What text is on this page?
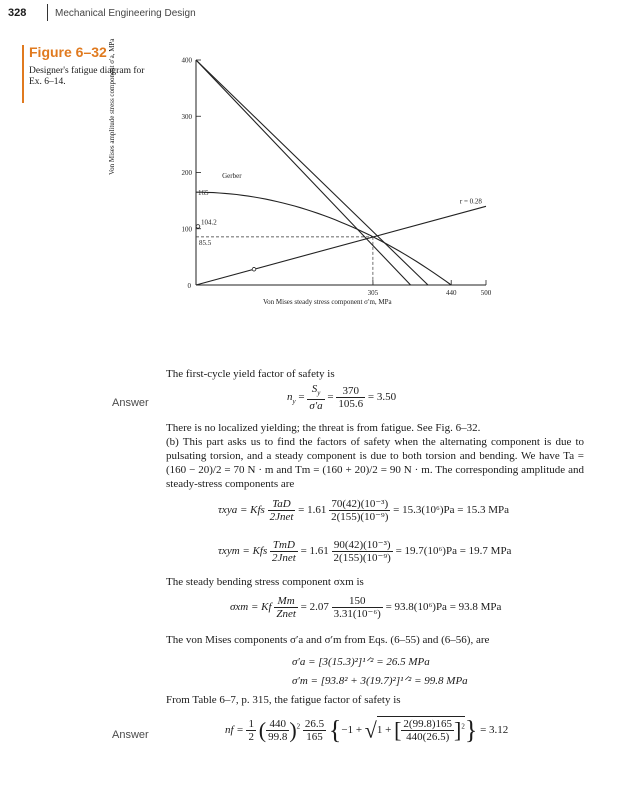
328	Mechanical Engineering Design
Figure 6–32
Designer's fatigue diagram for Ex. 6–14.
100
200
300
400
305	440	500
0
165
104.2
85.5
Gerber
r = 0.28
The first-cycle yield factor of safety is
Answer	$n_y = \frac{S_y}{\sigma'a} = \frac{370}{105.6} = 3.50$
There is no localized yielding; the threat is from fatigue. See Fig. 6–32.
(b) This part asks us to find the factors of safety when the alternating component is due to pulsating torsion, and a steady component is due to both torsion and bending. We have Ta = (160 − 20)/2 = 70 N · m and Tm = (160 + 20)/2 = 90 N · m. The corresponding amplitude and steady-stress components are
τxya = Kfs $\frac{\text{TaD}}{\text{2Jnet}} = 1.61 \frac{\text{70(42)(10⁻³)}}{\text{2(155)(10⁻⁹)}} = 15.3(10^6)Pa = 15.3$ MPa
τxym = Kfs $\frac{\text{TmD}}{\text{2Jnet}} = 1.61 \frac{\text{90(42)(10⁻³)}}{\text{2(155)(10⁻⁹)}} = 19.7(10^6)Pa = 19.7$ MPa
The steady bending stress component σxm is
σxm = Kf $\frac{Mm}{\text{Znet}} = 2.07 \frac{150}{\text{3.31(10⁻⁶)}} = 93.8(10^6)Pa = 93.8$ MPa
The von Mises components σ′a and σ′m from Eqs. (6–55) and (6–56), are
σ′a = [3(15.3)²]¹ᐟ² = 26.5 MPa
σ′m = [93.8² + 3(19.7)²]¹ᐟ² = 99.8 MPa
From Table 6–7, p. 315, the fatigue factor of safety is
Answer	nf = $\frac{1}{2}$ ( $\frac{440}{99.8} )^2 \frac{26.5}{165} \{-1 + √1$ + [ $\frac{2(99.8)165}{440(26.5)} ]^2\} = 3.12$
Von Mises amplitude stress component σ′a, MPa
Von Mises steady stress component σ′m, MPa
